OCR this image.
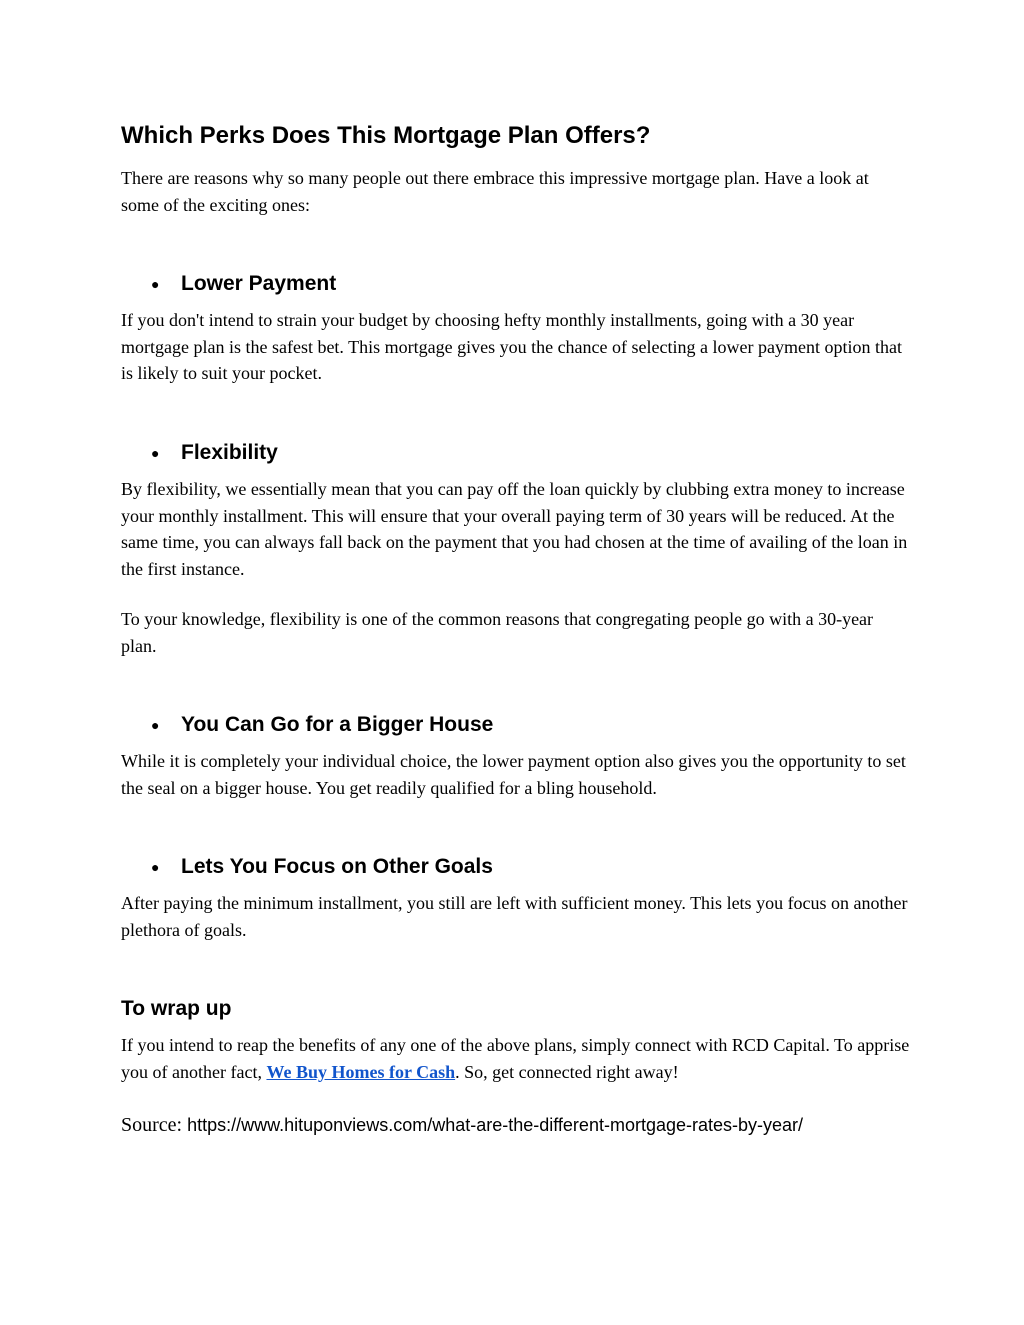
Which Perks Does This Mortgage Plan Offers?

There are reasons why so many people out there embrace this impressive mortgage plan. Have a look at some of the exciting ones:

●	Lower Payment

If you don't intend to strain your budget by choosing hefty monthly installments, going with a 30 year mortgage plan is the safest bet. This mortgage gives you the chance of selecting a lower payment option that is likely to suit your pocket.

●	Flexibility

By flexibility, we essentially mean that you can pay off the loan quickly by clubbing extra money to increase your monthly installment. This will ensure that your overall paying term of 30 years will be reduced. At the same time, you can always fall back on the payment that you had chosen at the time of availing of the loan in the first instance.

To your knowledge, flexibility is one of the common reasons that congregating people go with a 30-year plan.

●	You Can Go for a Bigger House

While it is completely your individual choice, the lower payment option also gives you the opportunity to set the seal on a bigger house. You get readily qualified for a bling household.

●	Lets You Focus on Other Goals

After paying the minimum installment, you still are left with sufficient money. This lets you focus on another plethora of goals.

To wrap up

If you intend to reap the benefits of any one of the above plans, simply connect with RCD Capital. To apprise you of another fact, We Buy Homes for Cash. So, get connected right away!

Source: https://www.hituponviews.com/what-are-the-different-mortgage-rates-by-year/
